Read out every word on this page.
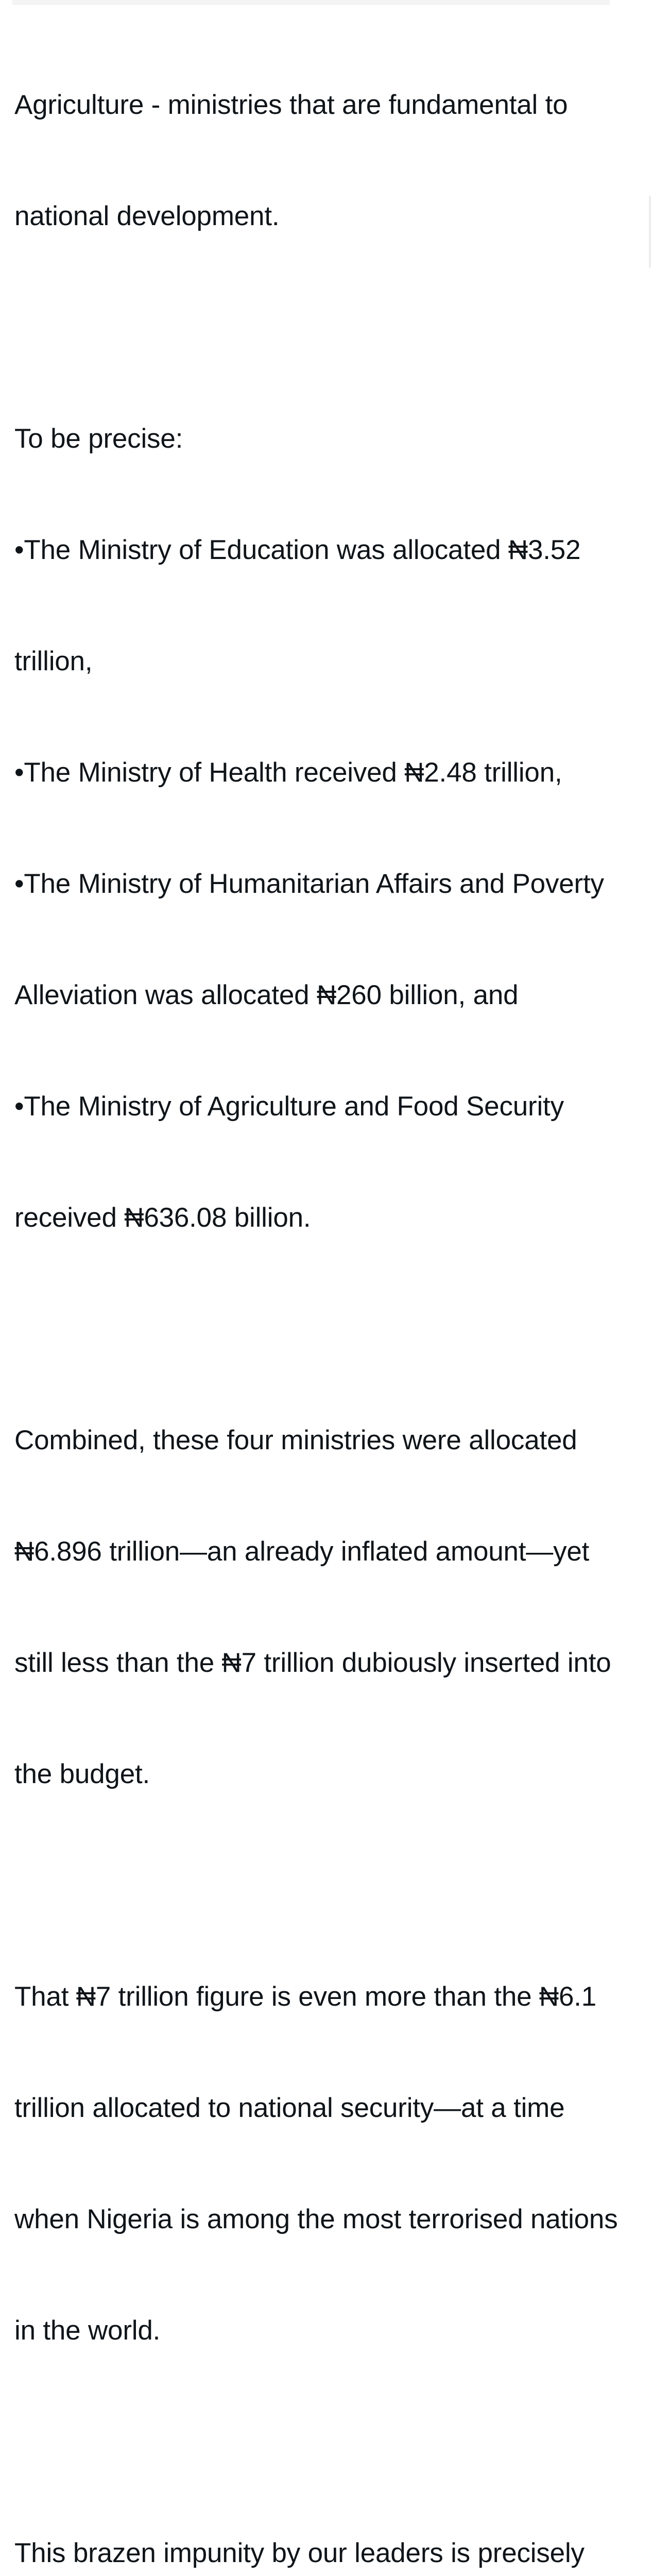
Agriculture - ministries that are fundamental to

national development.

To be precise:

•The Ministry of Education was allocated ₦3.52

trillion,

•The Ministry of Health received ₦2.48 trillion,

•The Ministry of Humanitarian Affairs and Poverty

Alleviation was allocated ₦260 billion, and

•The Ministry of Agriculture and Food Security

received ₦636.08 billion.

Combined, these four ministries were allocated

₦6.896 trillion—an already inflated amount—yet

still less than the ₦7 trillion dubiously inserted into

the budget.

That ₦7 trillion figure is even more than the ₦6.1

trillion allocated to national security—at a time

when Nigeria is among the most terrorised nations

in the world.

This brazen impunity by our leaders is precisely
